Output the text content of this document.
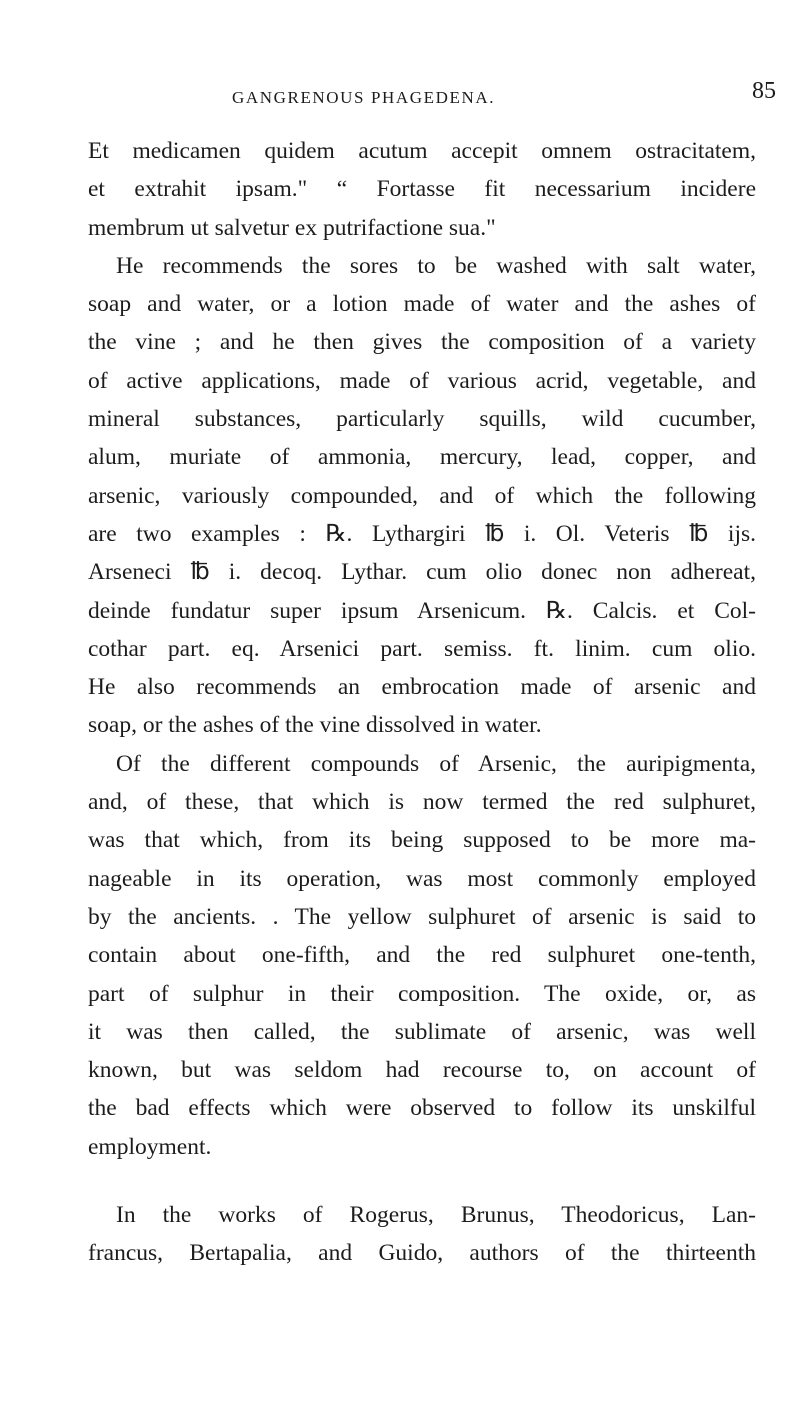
GANGRENOUS PHAGEDENA.	85
Et medicamen quidem acutum accepit omnem ostracitatem,
et extrahit ipsam." “ Fortasse fit necessarium incidere
membrum ut salvetur ex putrifactione sua."
He recommends the sores to be washed with salt water,
soap and water, or a lotion made of water and the ashes of
the vine ; and he then gives the composition of a variety
of active applications, made of various acrid, vegetable, and
mineral substances, particularly squills, wild cucumber,
alum, muriate of ammonia, mercury, lead, copper, and
arsenic, variously compounded, and of which the following
are two examples : ℞. Lythargiri ℔ i. Ol. Veteris ℔ ijs.
Arseneci ℔ i. decoq. Lythar. cum olio donec non adhereat,
deinde fundatur super ipsum Arsenicum. ℞. Calcis. et Col-
cothar part. eq. Arsenici part. semiss. ft. linim. cum olio.
He also recommends an embrocation made of arsenic and
soap, or the ashes of the vine dissolved in water.
Of the different compounds of Arsenic, the auripigmenta,
and, of these, that which is now termed the red sulphuret,
was that which, from its being supposed to be more ma-
nageable in its operation, was most commonly employed
by the ancients. . The yellow sulphuret of arsenic is said to
contain about one-fifth, and the red sulphuret one-tenth,
part of sulphur in their composition. The oxide, or, as
it was then called, the sublimate of arsenic, was well
known, but was seldom had recourse to, on account of
the bad effects which were observed to follow its unskilful
employment.
In the works of Rogerus, Brunus, Theodoricus, Lan-
francus, Bertapalia, and Guido, authors of the thirteenth
